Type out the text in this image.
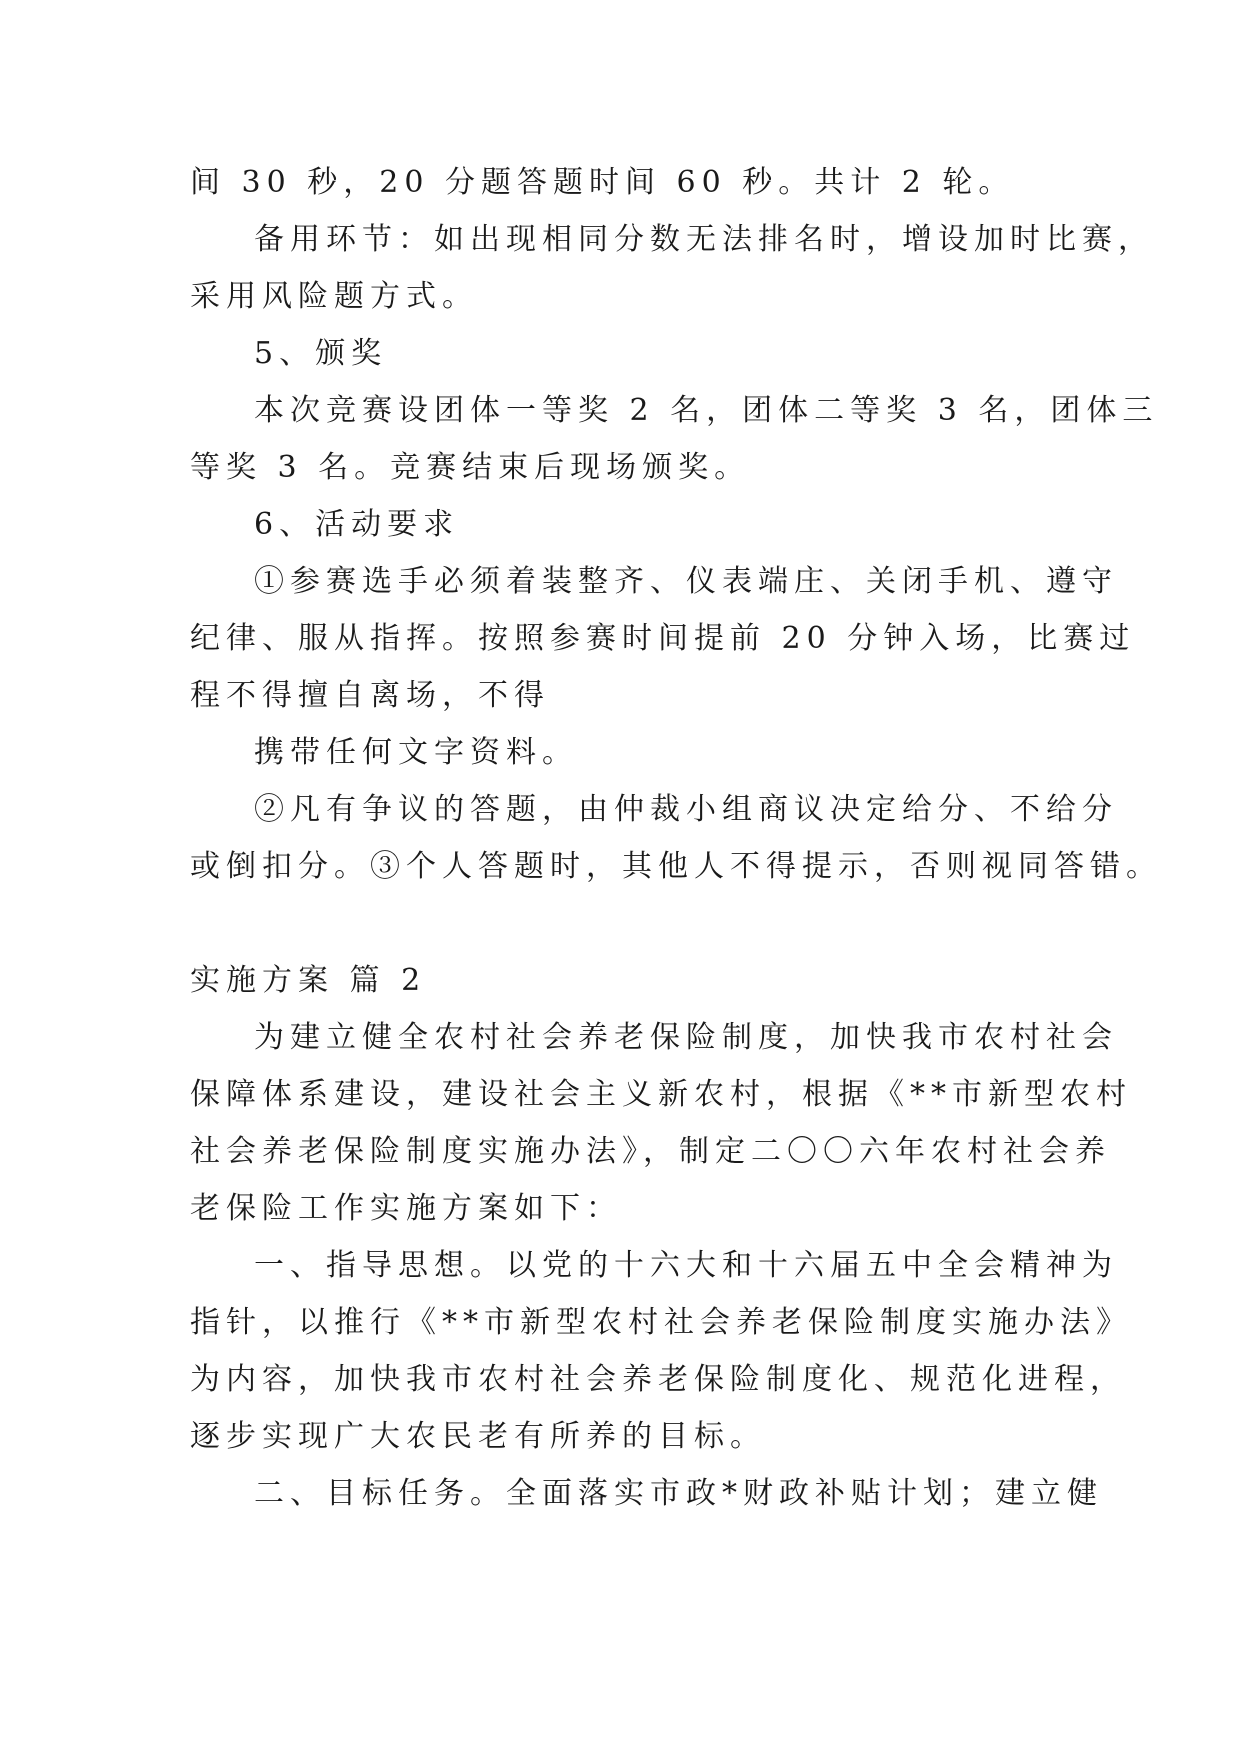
间 30 秒，20 分题答题时间 60 秒。共计 2 轮。
备用环节：如出现相同分数无法排名时，增设加时比赛，
采用风险题方式。
5、颁奖
本次竞赛设团体一等奖 2 名，团体二等奖 3 名，团体三
等奖 3 名。竞赛结束后现场颁奖。
6、活动要求
①参赛选手必须着装整齐、仪表端庄、关闭手机、遵守
纪律、服从指挥。按照参赛时间提前 20 分钟入场，比赛过
程不得擅自离场，不得
携带任何文字资料。
②凡有争议的答题，由仲裁小组商议决定给分、不给分
或倒扣分。③个人答题时，其他人不得提示，否则视同答错。
实施方案 篇 2
为建立健全农村社会养老保险制度，加快我市农村社会
保障体系建设，建设社会主义新农村，根据《**市新型农村
社会养老保险制度实施办法》，制定二〇〇六年农村社会养
老保险工作实施方案如下：
一、指导思想。以党的十六大和十六届五中全会精神为
指针，以推行《**市新型农村社会养老保险制度实施办法》
为内容，加快我市农村社会养老保险制度化、规范化进程，
逐步实现广大农民老有所养的目标。
二、目标任务。全面落实市政*财政补贴计划；建立健
